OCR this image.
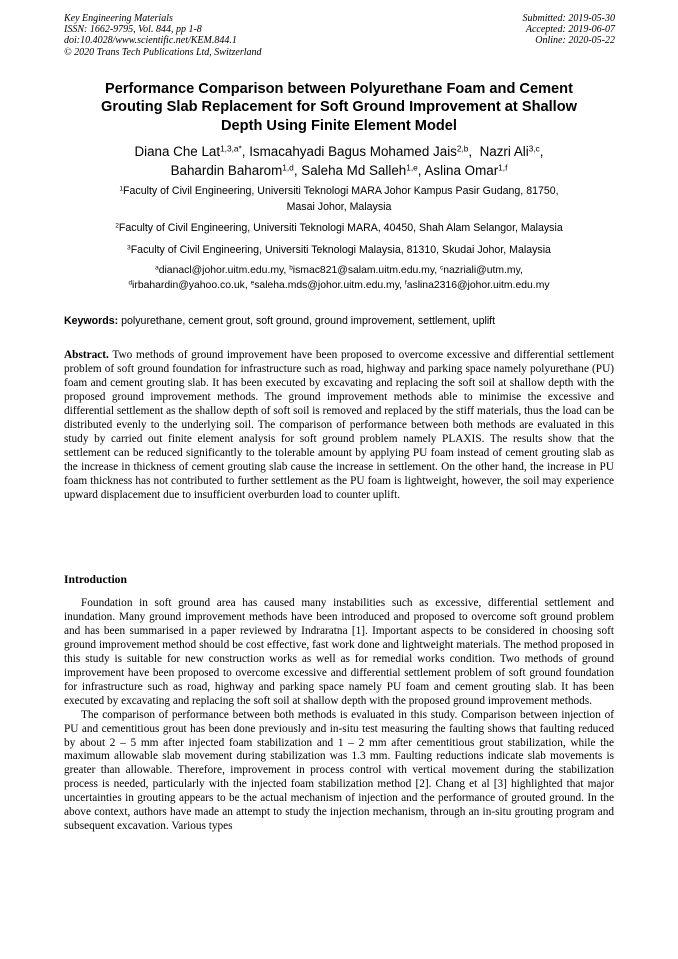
Key Engineering Materials
ISSN: 1662-9795, Vol. 844, pp 1-8
doi:10.4028/www.scientific.net/KEM.844.1
© 2020 Trans Tech Publications Ltd, Switzerland
Submitted: 2019-05-30
Accepted: 2019-06-07
Online: 2020-05-22
Performance Comparison between Polyurethane Foam and Cement
Grouting Slab Replacement for Soft Ground Improvement at Shallow
Depth Using Finite Element Model
Diana Che Lat$^{1,3,a*}$, Ismacahyadi Bagus Mohamed Jais$^{2,b}$,  Nazri Ali$^{3,c}$,
Bahardin Baharom$^{1,d}$, Saleha Md Salleh$^{1,e}$, Aslina Omar$^{1,f}$
$^1$Faculty of Civil Engineering, Universiti Teknologi MARA Johor Kampus Pasir Gudang, 81750,
Masai Johor, Malaysia
$^2$Faculty of Civil Engineering, Universiti Teknologi MARA, 40450, Shah Alam Selangor, Malaysia
$^3$Faculty of Civil Engineering, Universiti Teknologi Malaysia, 81310, Skudai Johor, Malaysia
$^a$dianacl@johor.uitm.edu.my, $^b$ismac821@salam.uitm.edu.my, $^c$nazriali@utm.my,
$^d$irbahardin@yahoo.co.uk, $^e$saleha.mds@johor.uitm.edu.my, $^f$aslina2316@johor.uitm.edu.my
Keywords: polyurethane, cement grout, soft ground, ground improvement, settlement, uplift
Abstract. Two methods of ground improvement have been proposed to overcome excessive and differential settlement problem of soft ground foundation for infrastructure such as road, highway and parking space namely polyurethane (PU) foam and cement grouting slab. It has been executed by excavating and replacing the soft soil at shallow depth with the proposed ground improvement methods. The ground improvement methods able to minimise the excessive and differential settlement as the shallow depth of soft soil is removed and replaced by the stiff materials, thus the load can be distributed evenly to the underlying soil. The comparison of performance between both methods are evaluated in this study by carried out finite element analysis for soft ground problem namely PLAXIS. The results show that the settlement can be reduced significantly to the tolerable amount by applying PU foam instead of cement grouting slab as the increase in thickness of cement grouting slab cause the increase in settlement. On the other hand, the increase in PU foam thickness has not contributed to further settlement as the PU foam is lightweight, however, the soil may experience upward displacement due to insufficient overburden load to counter uplift.
Introduction

Foundation in soft ground area has caused many instabilities such as excessive, differential settlement and inundation. Many ground improvement methods have been introduced and proposed to overcome soft ground problem and has been summarised in a paper reviewed by Indraratna [1]. Important aspects to be considered in choosing soft ground improvement method should be cost effective, fast work done and lightweight materials. The method proposed in this study is suitable for new construction works as well as for remedial works condition. Two methods of ground improvement have been proposed to overcome excessive and differential settlement problem of soft ground foundation for infrastructure such as road, highway and parking space namely PU foam and cement grouting slab. It has been executed by excavating and replacing the soft soil at shallow depth with the proposed ground improvement methods.

The comparison of performance between both methods is evaluated in this study. Comparison between injection of PU and cementitious grout has been done previously and in-situ test measuring the faulting shows that faulting reduced by about 2 – 5 mm after injected foam stabilization and 1 – 2 mm after cementitious grout stabilization, while the maximum allowable slab movement during stabilization was 1.3 mm. Faulting reductions indicate slab movements is greater than allowable. Therefore, improvement in process control with vertical movement during the stabilization process is needed, particularly with the injected foam stabilization method [2]. Chang et al [3] highlighted that major uncertainties in grouting appears to be the actual mechanism of injection and the performance of grouted ground. In the above context, authors have made an attempt to study the injection mechanism, through an in-situ grouting program and subsequent excavation. Various types
